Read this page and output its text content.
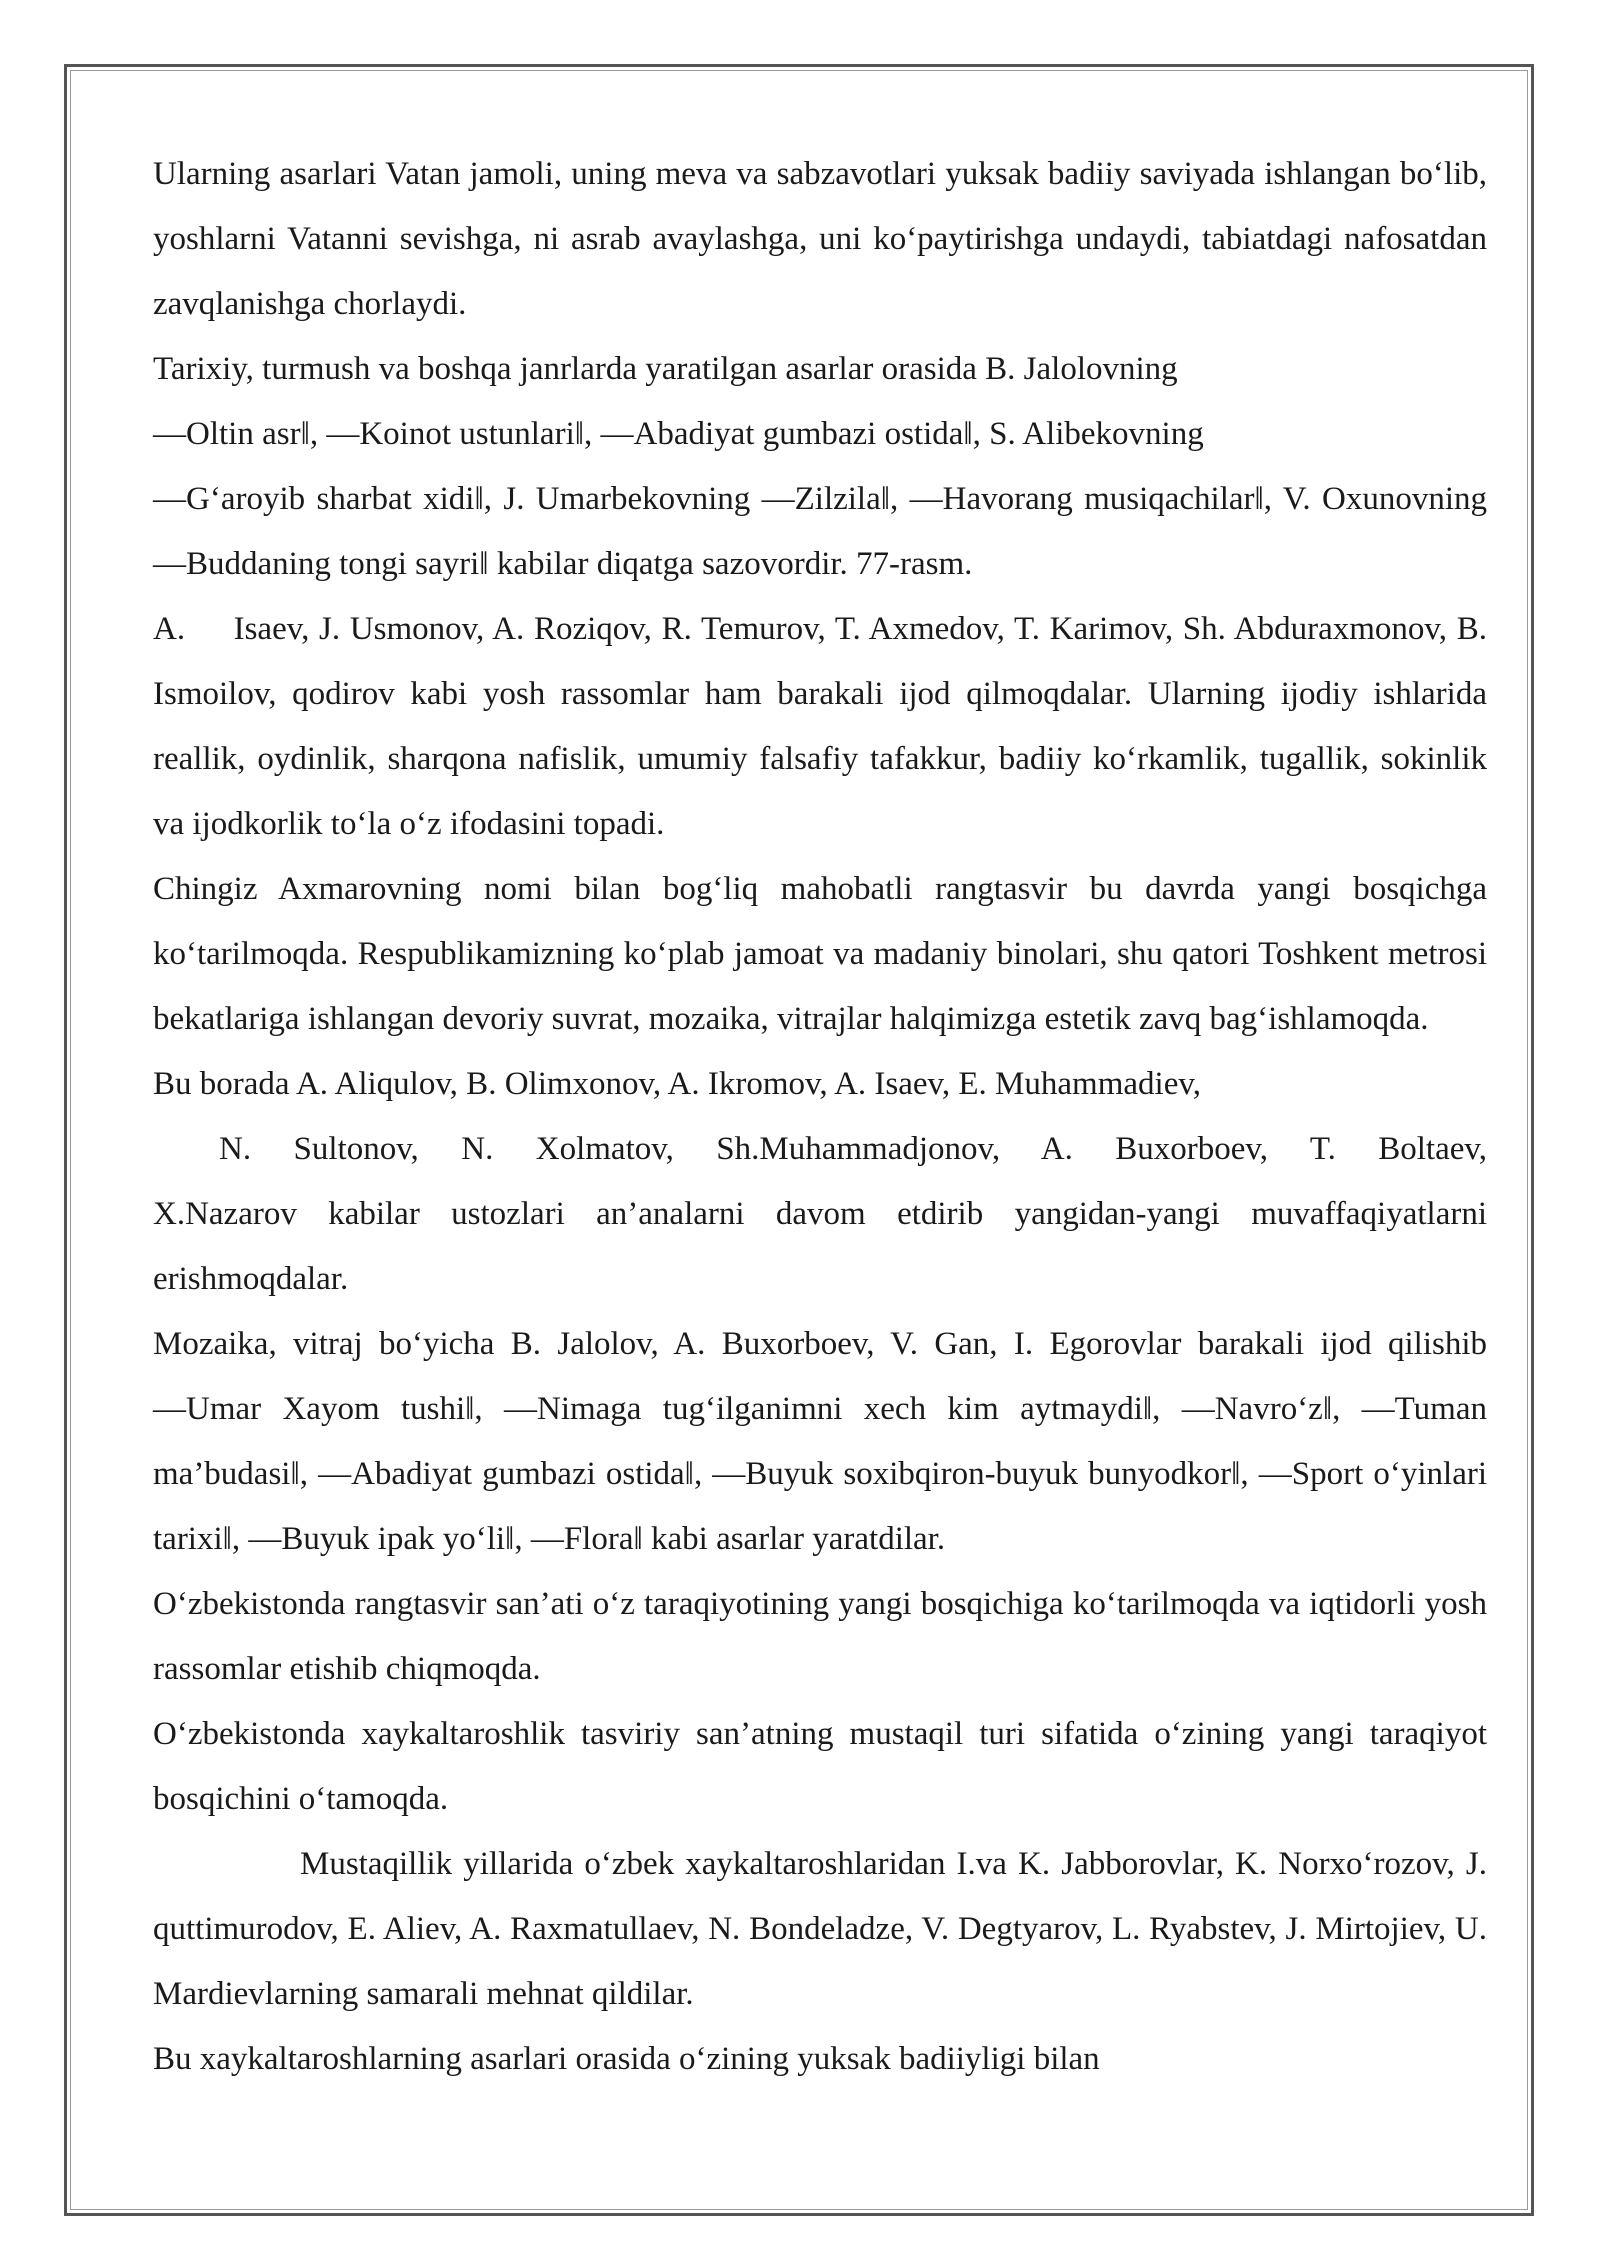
Ularning asarlari Vatan jamoli, uning meva va sabzavotlari yuksak badiiy saviyada ishlangan boʻlib, yoshlarni Vatanni sevishga, ni asrab avaylashga, uni koʻpaytirishga undaydi, tabiatdagi nafosatdan zavqlanishga chorlaydi.

Tarixiy, turmush va boshqa janrlarda yaratilgan asarlar orasida B. Jalolovning

―Oltin asr‖, ―Koinot ustunlari‖, ―Abadiyat gumbazi ostida‖, S. Alibekovning

―Gʻaroyib sharbat xidi‖, J. Umarbekovning ―Zilzila‖, ―Havorang musiqachilar‖, V. Oxunovning ―Buddaning tongi sayri‖ kabilar diqatga sazovordir. 77-rasm.

A.     Isaev, J. Usmonov, A. Roziqov, R. Temurov, T. Axmedov, T. Karimov, Sh. Abduraxmonov, B. Ismoilov, qodirov kabi yosh rassomlar ham barakali ijod qilmoqdalar. Ularning ijodiy ishlarida reallik, oydinlik, sharqona nafislik, umumiy falsafiy tafakkur, badiiy koʻrkamlik, tugallik, sokinlik va ijodkorlik toʻla oʻz ifodasini topadi.

Chingiz Axmarovning nomi bilan bogʻliq mahobatli rangtasvir bu davrda yangi bosqichga koʻtarilmoqda. Respublikamizning koʻplab jamoat va madaniy binolari, shu qatori Toshkent metrosi bekatlariga ishlangan devoriy suvrat, mozaika, vitrajlar halqimizga estetik zavq bagʻishlamoqda.

Bu borada A. Aliqulov, B. Olimxonov, A. Ikromov, A. Isaev, E. Muhammadiev,

N. Sultonov, N. Xolmatov, Sh.Muhammadjonov, A. Buxorboev, T. Boltaev,

X.Nazarov kabilar ustozlari an’analarni davom etdirib yangidan-yangi muvaffaqiyatlarni erishmoqdalar.

Mozaika, vitraj boʻyicha B. Jalolov, A. Buxorboev, V. Gan, I. Egorovlar barakali ijod qilishib ―Umar Xayom tushi‖, ―Nimaga tugʻilganimni xech kim aytmaydi‖, ―Navroʻz‖, ―Tuman ma’budasi‖, ―Abadiyat gumbazi ostida‖, ―Buyuk soxibqiron-buyuk bunyodkor‖, ―Sport oʻyinlari tarixi‖, ―Buyuk ipak yoʻli‖, ―Flora‖ kabi asarlar yaratdilar.

Oʻzbekistonda rangtasvir san’ati oʻz taraqiyotining yangi bosqichiga koʻtarilmoqda va iqtidorli yosh rassomlar etishib chiqmoqda.

Oʻzbekistonda xaykaltaroshlik tasviriy san’atning mustaqil turi sifatida oʻzining yangi taraqiyot bosqichini oʻtamoqda.

Mustaqillik yillarida oʻzbek xaykaltaroshlaridan I.va K. Jabborovlar, K. Norxoʻrozov, J. quttimurodov, E. Aliev, A. Raxmatullaev, N. Bondeladze, V. Degtyarov, L. Ryabstev, J. Mirtojiev, U. Mardievlarning samarali mehnat qildilar.

Bu xaykaltaroshlarning asarlari orasida oʻzining yuksak badiiyligi bilan
